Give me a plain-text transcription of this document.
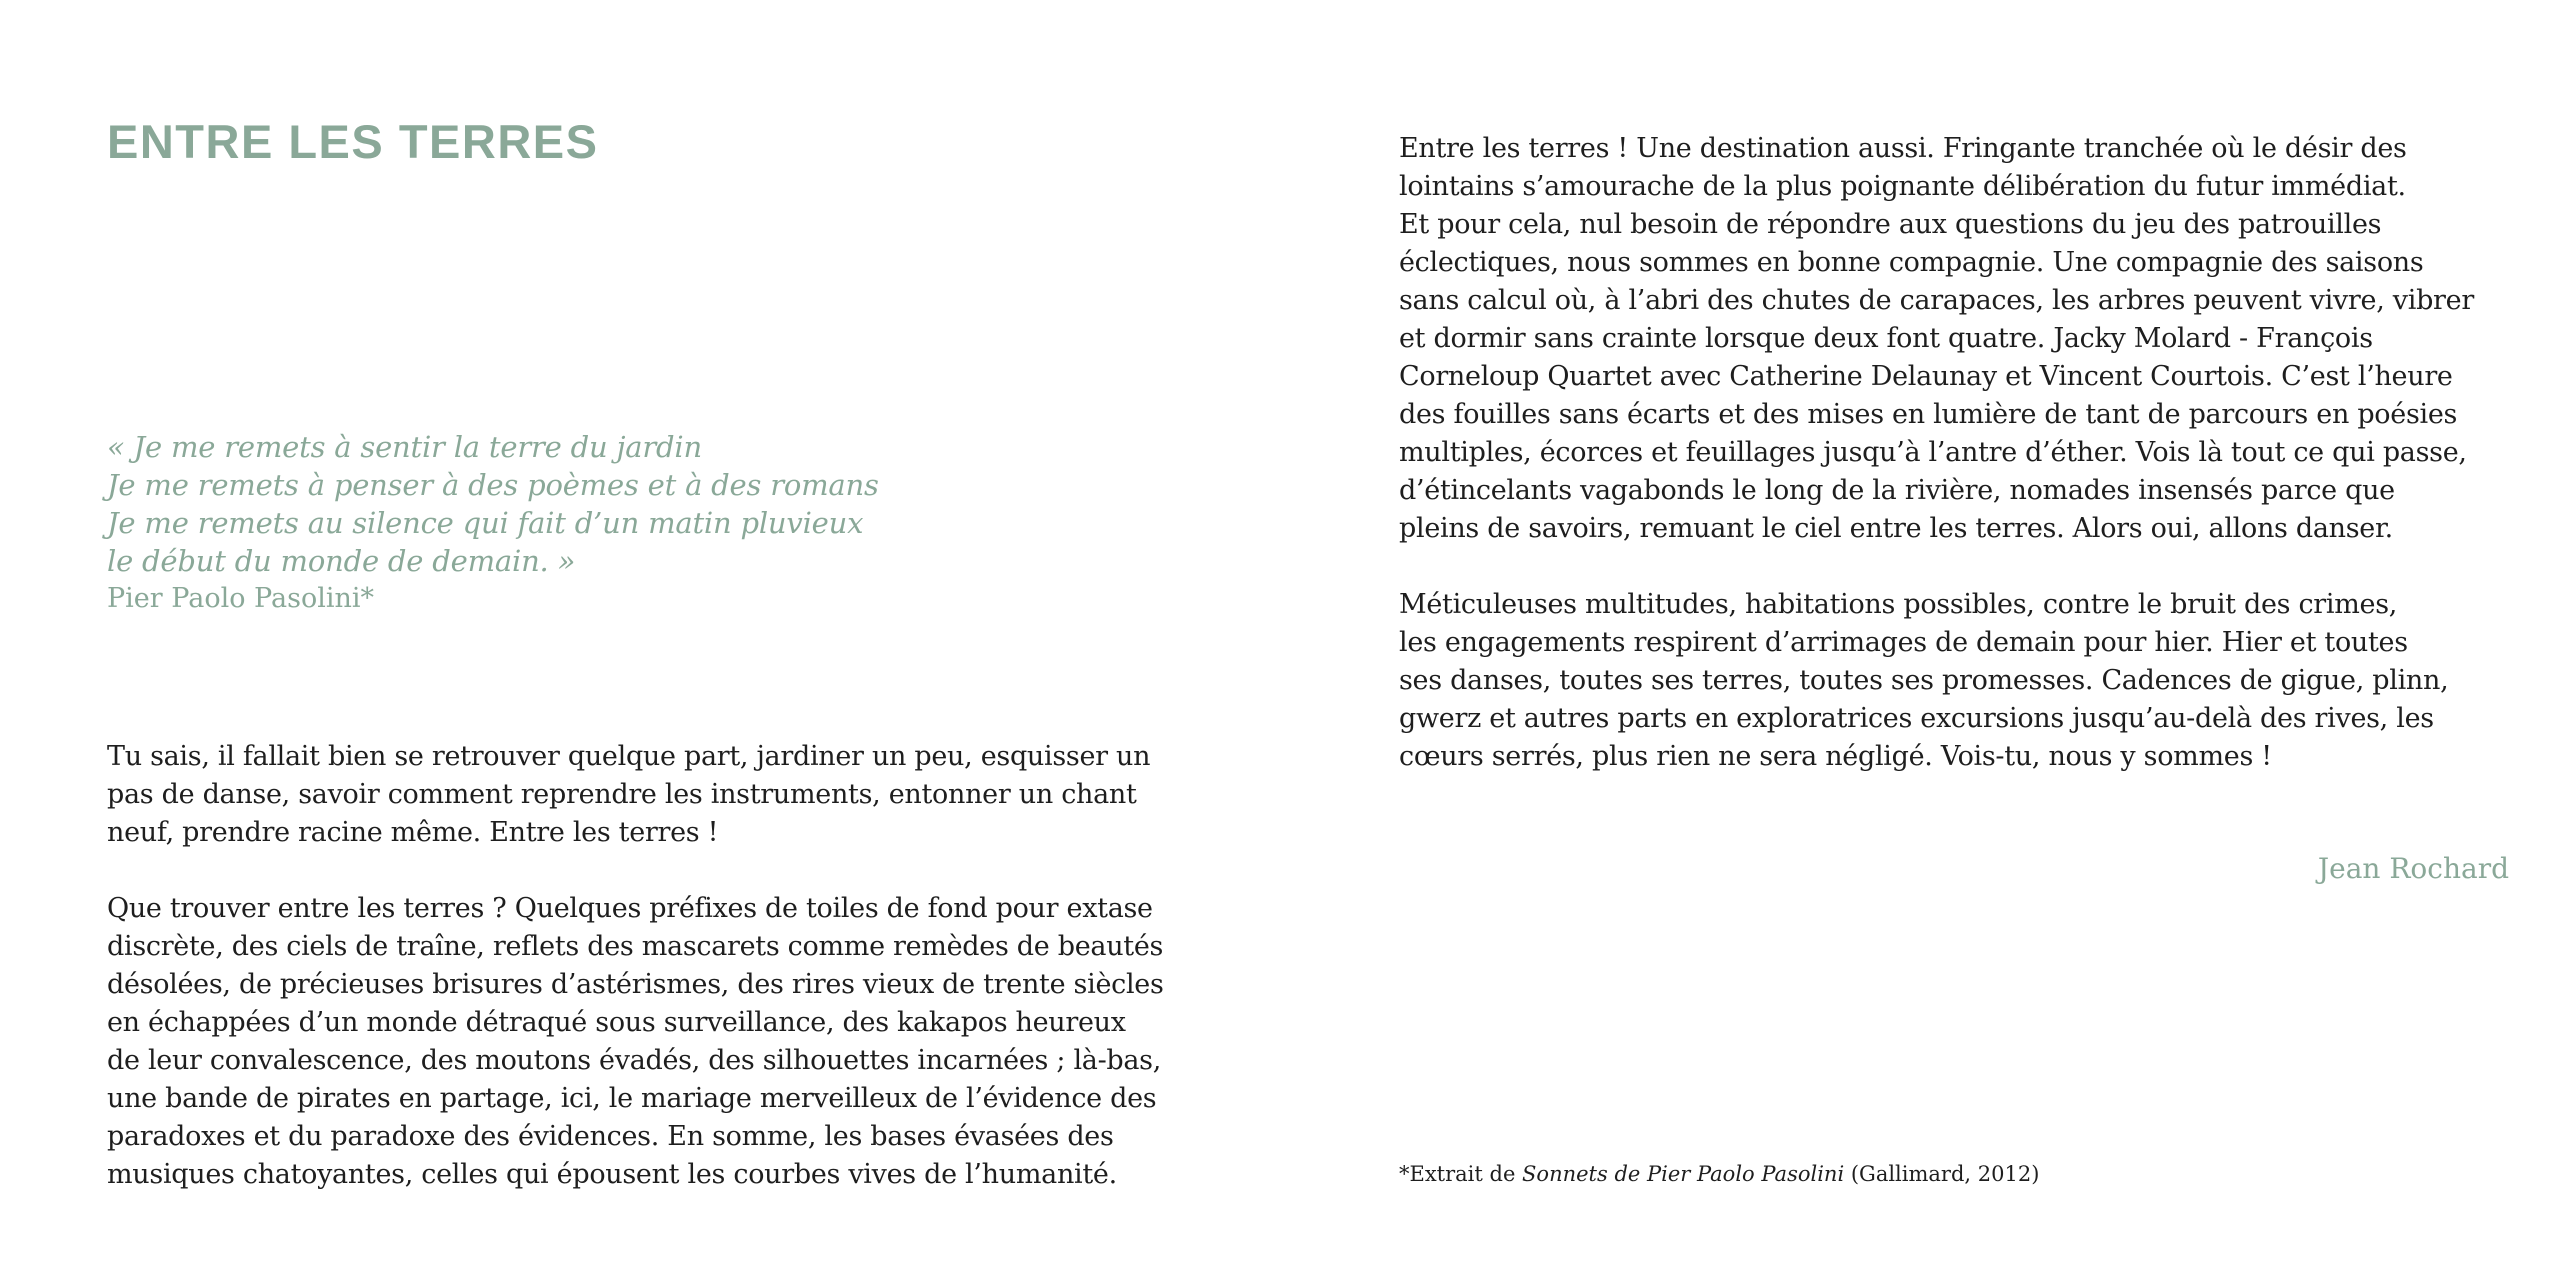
ENTRE LES TERRES
« Je me remets à sentir la terre du jardin
Je me remets à penser à des poèmes et à des romans
Je me remets au silence qui fait d’un matin pluvieux
le début du monde de demain. »
Pier Paolo Pasolini*

Tu sais, il fallait bien se retrouver quelque part, jardiner un peu, esquisser un
pas de danse, savoir comment reprendre les instruments, entonner un chant
neuf, prendre racine même. Entre les terres !

Que trouver entre les terres ? Quelques préfixes de toiles de fond pour extase
discrète, des ciels de traîne, reflets des mascarets comme remèdes de beautés
désolées, de précieuses brisures d’astérismes, des rires vieux de trente siècles
en échappées d’un monde détraqué sous surveillance, des kakapos heureux
de leur convalescence, des moutons évadés, des silhouettes incarnées ; là-bas,
une bande de pirates en partage, ici, le mariage merveilleux de l’évidence des
paradoxes et du paradoxe des évidences. En somme, les bases évasées des
musiques chatoyantes, celles qui épousent les courbes vives de l’humanité.

Entre les terres ! Une destination aussi. Fringante tranchée où le désir des
lointains s’amourache de la plus poignante délibération du futur immédiat.
Et pour cela, nul besoin de répondre aux questions du jeu des patrouilles
éclectiques, nous sommes en bonne compagnie. Une compagnie des saisons
sans calcul où, à l’abri des chutes de carapaces, les arbres peuvent vivre, vibrer
et dormir sans crainte lorsque deux font quatre. Jacky Molard - François
Corneloup Quartet avec Catherine Delaunay et Vincent Courtois. C’est l’heure
des fouilles sans écarts et des mises en lumière de tant de parcours en poésies
multiples, écorces et feuillages jusqu’à l’antre d’éther. Vois là tout ce qui passe,
d’étincelants vagabonds le long de la rivière, nomades insensés parce que
pleins de savoirs, remuant le ciel entre les terres. Alors oui, allons danser.

Méticuleuses multitudes, habitations possibles, contre le bruit des crimes,
les engagements respirent d’arrimages de demain pour hier. Hier et toutes
ses danses, toutes ses terres, toutes ses promesses. Cadences de gigue, plinn,
gwerz et autres parts en exploratrices excursions jusqu’au-delà des rives, les
cœurs serrés, plus rien ne sera négligé. Vois-tu, nous y sommes !

Jean Rochard
*Extrait de Sonnets de Pier Paolo Pasolini (Gallimard, 2012)
